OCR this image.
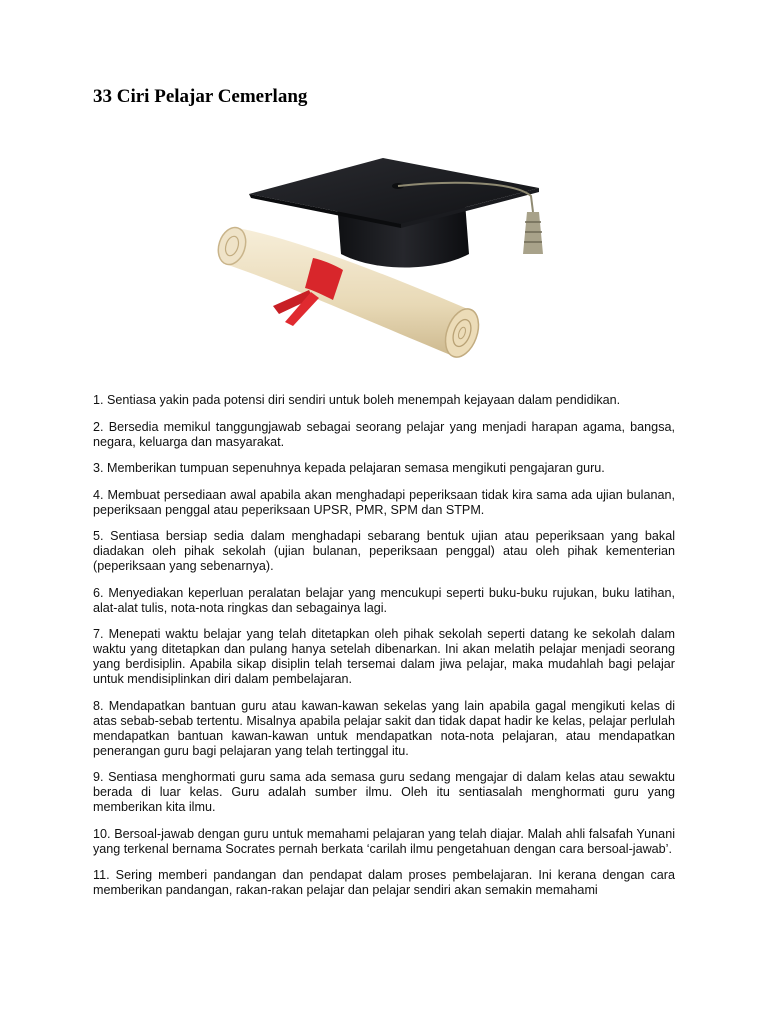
33 Ciri Pelajar Cemerlang

1. Sentiasa yakin pada potensi diri sendiri untuk boleh menempah kejayaan dalam pendidikan.

2. Bersedia memikul tanggungjawab sebagai seorang pelajar yang menjadi harapan agama, bangsa, negara, keluarga dan masyarakat.

3. Memberikan tumpuan sepenuhnya kepada pelajaran semasa mengikuti pengajaran guru.

4. Membuat persediaan awal apabila akan menghadapi peperiksaan tidak kira sama ada ujian bulanan, peperiksaan penggal atau peperiksaan UPSR, PMR, SPM dan STPM.

5. Sentiasa bersiap sedia dalam menghadapi sebarang bentuk ujian atau peperiksaan yang bakal diadakan oleh pihak sekolah (ujian bulanan, peperiksaan penggal) atau oleh pihak kementerian (peperiksaan yang sebenarnya).

6. Menyediakan keperluan peralatan belajar yang mencukupi seperti buku-buku rujukan, buku latihan, alat-alat tulis, nota-nota ringkas dan sebagainya lagi.

7. Menepati waktu belajar yang telah ditetapkan oleh pihak sekolah seperti datang ke sekolah dalam waktu yang ditetapkan dan pulang hanya setelah dibenarkan. Ini akan melatih pelajar menjadi seorang yang berdisiplin. Apabila sikap disiplin telah tersemai dalam jiwa pelajar, maka mudahlah bagi pelajar untuk mendisiplinkan diri dalam pembelajaran.

8. Mendapatkan bantuan guru atau kawan-kawan sekelas yang lain apabila gagal mengikuti kelas di atas sebab-sebab tertentu. Misalnya apabila pelajar sakit dan tidak dapat hadir ke kelas, pelajar perlulah mendapatkan bantuan kawan-kawan untuk mendapatkan nota-nota pelajaran, atau mendapatkan penerangan guru bagi pelajaran yang telah tertinggal itu.

9. Sentiasa menghormati guru sama ada semasa guru sedang mengajar di dalam kelas atau sewaktu berada di luar kelas. Guru adalah sumber ilmu. Oleh itu sentiasalah menghormati guru yang memberikan kita ilmu.

10. Bersoal-jawab dengan guru untuk memahami pelajaran yang telah diajar. Malah ahli falsafah Yunani yang terkenal bernama Socrates pernah berkata ‘carilah ilmu pengetahuan dengan cara bersoal-jawab’.

11. Sering memberi pandangan dan pendapat dalam proses pembelajaran. Ini kerana dengan cara memberikan pandangan, rakan-rakan pelajar dan pelajar sendiri akan semakin memahami
